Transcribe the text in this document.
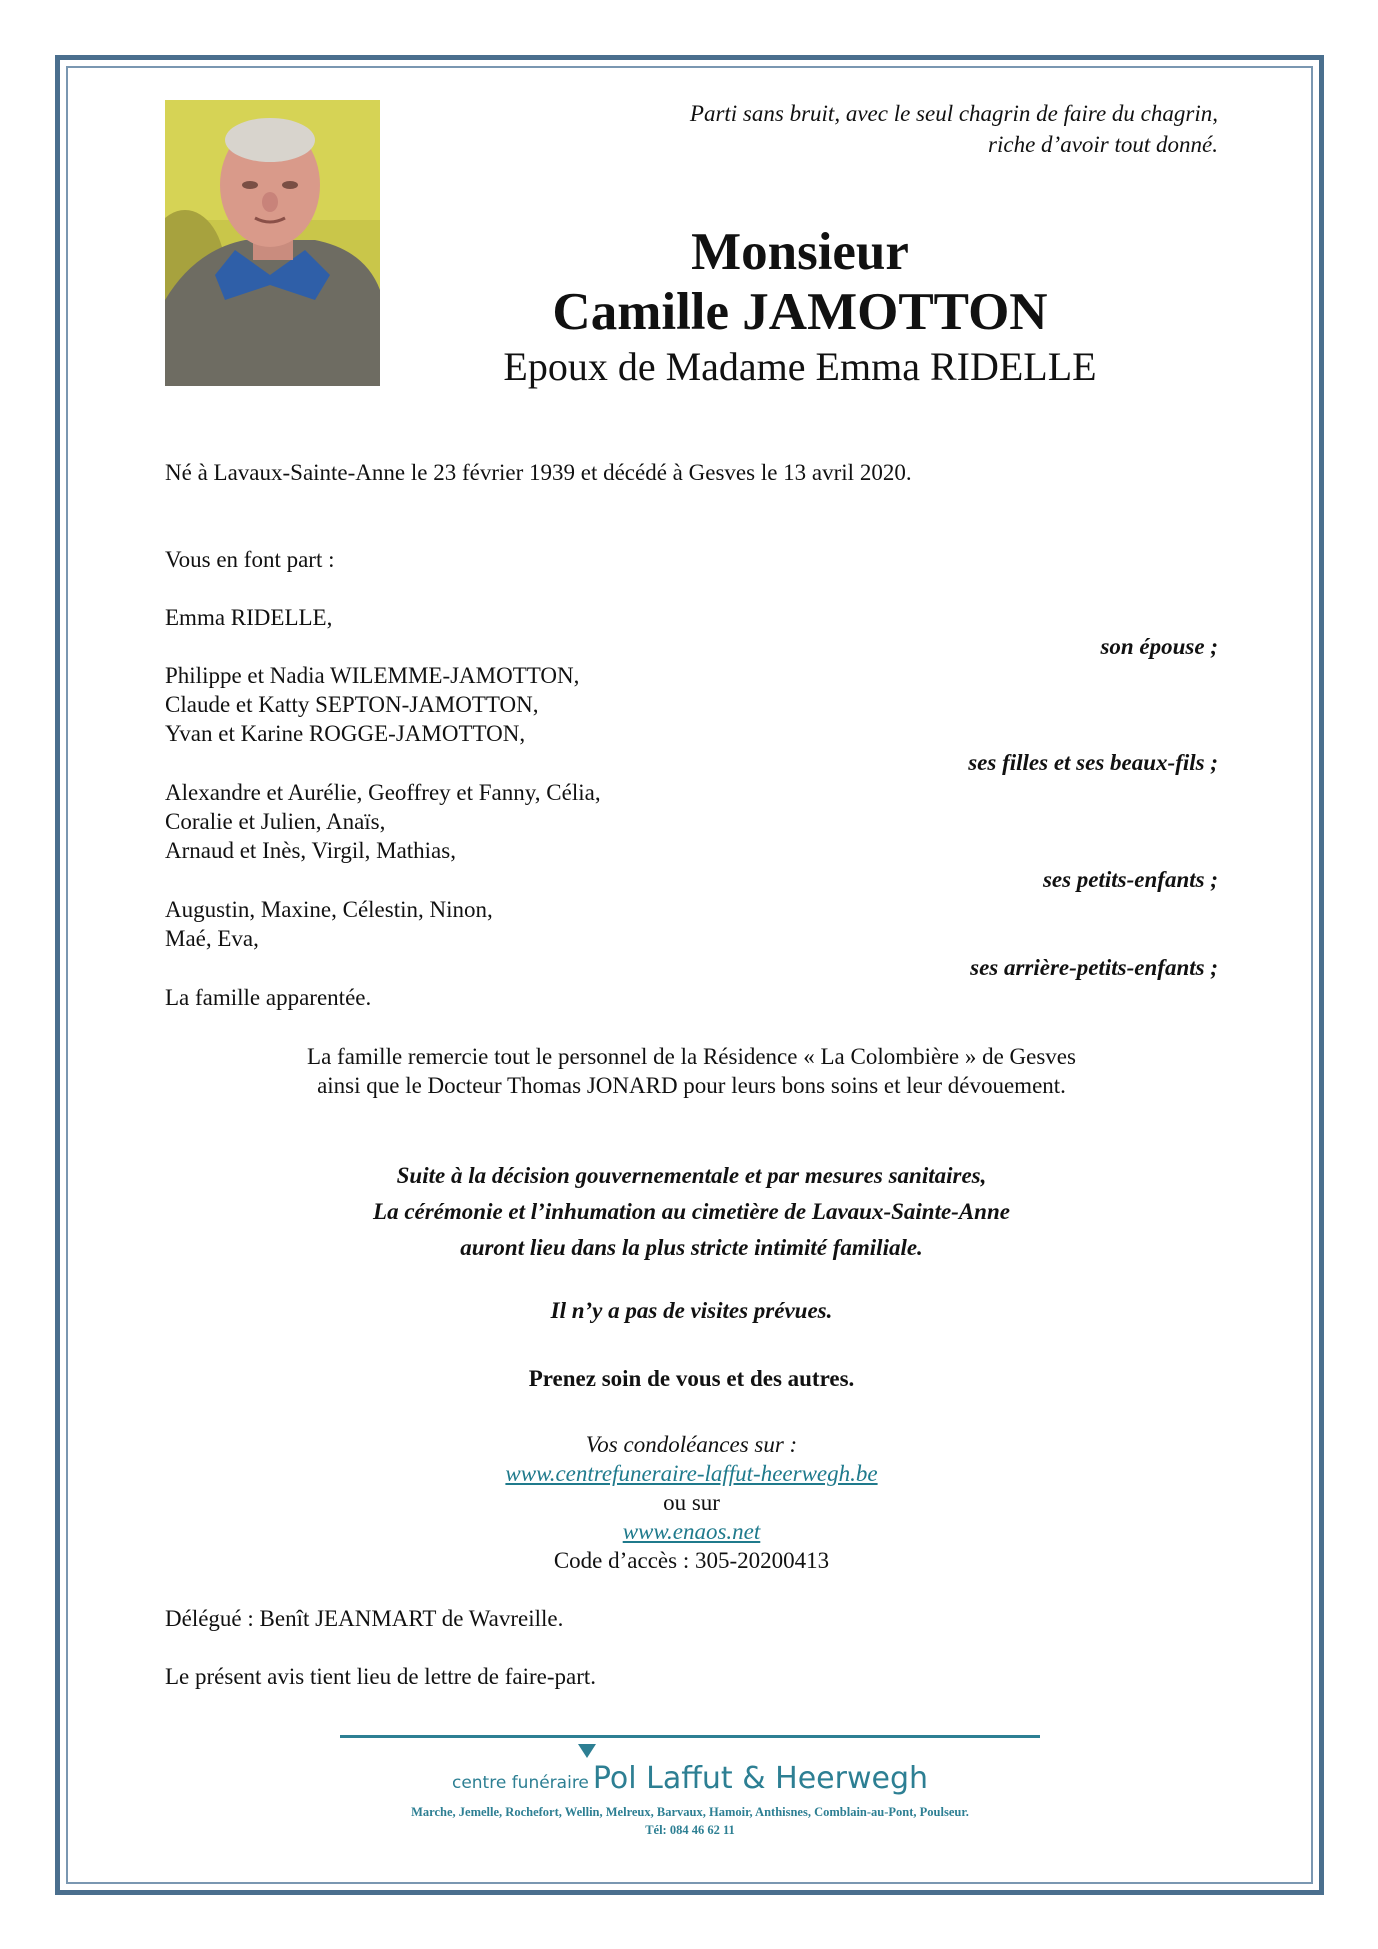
Parti sans bruit, avec le seul chagrin de faire du chagrin,
riche d’avoir tout donné.
Monsieur
Camille JAMOTTON
Epoux de Madame Emma RIDELLE
Né à Lavaux-Sainte-Anne le 23 février 1939 et décédé à Gesves le 13 avril 2020.
Vous en font part :
Emma RIDELLE,
son épouse ;
Philippe et Nadia WILEMME-JAMOTTON,
Claude et Katty SEPTON-JAMOTTON,
Yvan et Karine ROGGE-JAMOTTON,
ses filles et ses beaux-fils ;
Alexandre et Aurélie, Geoffrey et Fanny, Célia,
Coralie et Julien, Anaïs,
Arnaud et Inès, Virgil, Mathias,
ses petits-enfants ;
Augustin, Maxine, Célestin, Ninon,
Maé, Eva,
ses arrière-petits-enfants ;
La famille apparentée.
La famille remercie tout le personnel de la Résidence « La Colombière » de Gesves
ainsi que le Docteur Thomas JONARD pour leurs bons soins et leur dévouement.
Suite à la décision gouvernementale et par mesures sanitaires,
La cérémonie et l’inhumation au cimetière de Lavaux-Sainte-Anne
auront lieu dans la plus stricte intimité familiale.
Il n’y a pas de visites prévues.
Prenez soin de vous et des autres.
Vos condoléances sur :
www.centrefuneraire-laffut-heerwegh.be
ou sur
www.enaos.net
Code d’accès : 305-20200413
Délégué : Benît JEANMART de Wavreille.
Le présent avis tient lieu de lettre de faire-part.
centre funéraire Pol Laffut & Heerwegh
Marche, Jemelle, Rochefort, Wellin, Melreux, Barvaux, Hamoir, Anthisnes, Comblain-au-Pont, Poulseur.
Tél: 084 46 62 11
